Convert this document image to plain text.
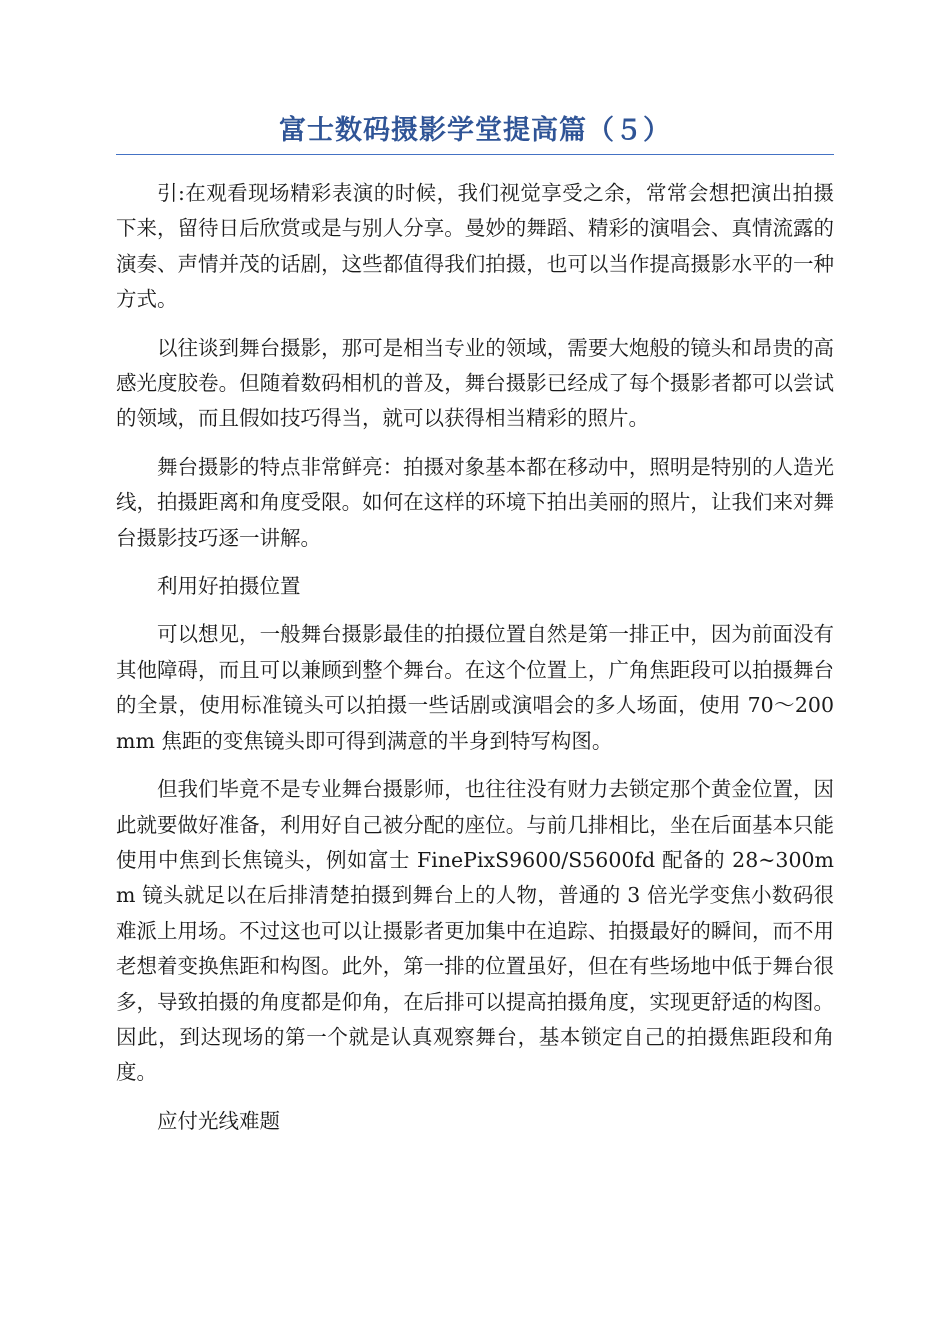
富士数码摄影学堂提高篇（５）

引:在观看现场精彩表演的时候，我们视觉享受之余，常常会想把演出拍摄下来，留待日后欣赏或是与别人分享。曼妙的舞蹈、精彩的演唱会、真情流露的演奏、声情并茂的话剧，这些都值得我们拍摄，也可以当作提高摄影水平的一种方式。

以往谈到舞台摄影，那可是相当专业的领域，需要大炮般的镜头和昂贵的高感光度胶卷。但随着数码相机的普及，舞台摄影已经成了每个摄影者都可以尝试的领域，而且假如技巧得当，就可以获得相当精彩的照片。

舞台摄影的特点非常鲜亮：拍摄对象基本都在移动中，照明是特别的人造光线，拍摄距离和角度受限。如何在这样的环境下拍出美丽的照片，让我们来对舞台摄影技巧逐一讲解。

利用好拍摄位置

可以想见，一般舞台摄影最佳的拍摄位置自然是第一排正中，因为前面没有其他障碍，而且可以兼顾到整个舞台。在这个位置上，广角焦距段可以拍摄舞台的全景，使用标准镜头可以拍摄一些话剧或演唱会的多人场面，使用 70～200mm 焦距的变焦镜头即可得到满意的半身到特写构图。

但我们毕竟不是专业舞台摄影师，也往往没有财力去锁定那个黄金位置，因此就要做好准备，利用好自己被分配的座位。与前几排相比，坐在后面基本只能使用中焦到长焦镜头，例如富士 FinePixS9600/S5600fd 配备的 28~300mm 镜头就足以在后排清楚拍摄到舞台上的人物，普通的 3 倍光学变焦小数码很难派上用场。不过这也可以让摄影者更加集中在追踪、拍摄最好的瞬间，而不用老想着变换焦距和构图。此外，第一排的位置虽好，但在有些场地中低于舞台很多，导致拍摄的角度都是仰角，在后排可以提高拍摄角度，实现更舒适的构图。因此，到达现场的第一个就是认真观察舞台，基本锁定自己的拍摄焦距段和角度。

应付光线难题
